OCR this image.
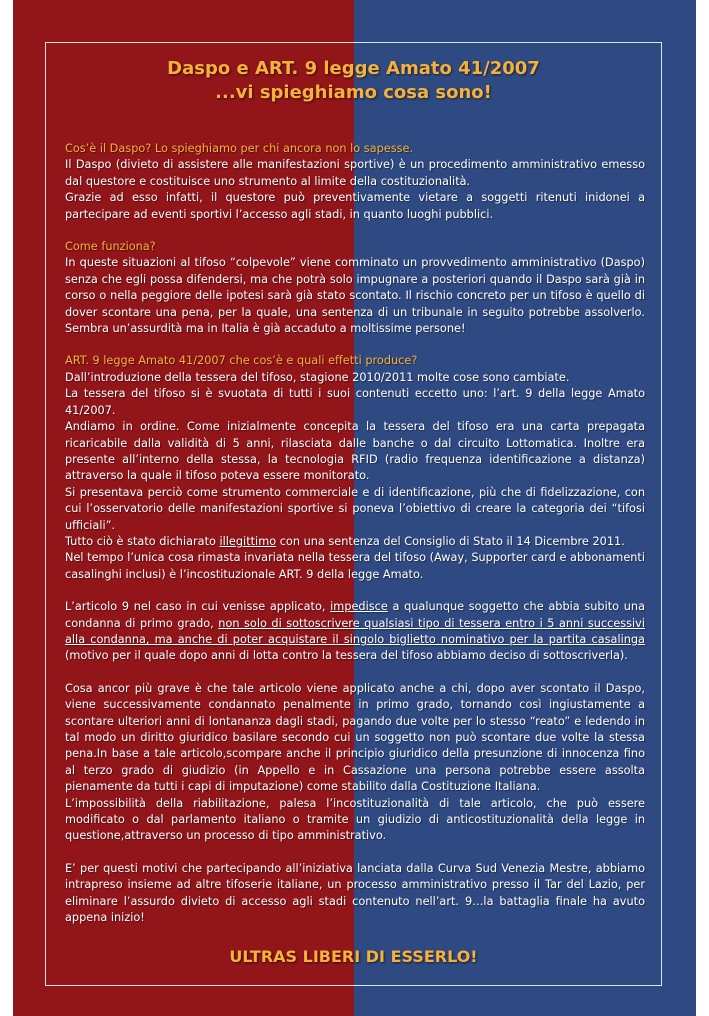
Daspo e ART. 9 legge Amato 41/2007
...vi spieghiamo cosa sono!

Cos’è il Daspo? Lo spieghiamo per chi ancora non lo sapesse.

Il Daspo (divieto di assistere alle manifestazioni sportive) è un procedimento amministrativo emesso dal questore e costituisce uno strumento al limite della costituzionalità.

Grazie ad esso infatti, il questore può preventivamente vietare a soggetti ritenuti inidonei a partecipare ad eventi sportivi l’accesso agli stadi, in quanto luoghi pubblici.

Come funziona?

In queste situazioni al tifoso “colpevole” viene comminato un provvedimento amministrativo (Daspo) senza che egli possa difendersi, ma che potrà solo impugnare a posteriori quando il Daspo sarà già in corso o nella peggiore delle ipotesi sarà già stato scontato. Il rischio concreto per un tifoso è quello di dover scontare una pena, per la quale, una sentenza di un tribunale in seguito potrebbe assolverlo. Sembra un’assurdità ma in Italia è già accaduto a moltissime persone!

ART. 9 legge Amato 41/2007 che cos’è e quali effetti produce?

Dall’introduzione della tessera del tifoso, stagione 2010/2011 molte cose sono cambiate.

La tessera del tifoso si è svuotata di tutti i suoi contenuti eccetto uno: l’art. 9 della legge Amato 41/2007.

Andiamo in ordine. Come inizialmente concepita la tessera del tifoso era una carta prepagata ricaricabile dalla validità di 5 anni, rilasciata dalle banche o dal circuito Lottomatica. Inoltre era presente all’interno della stessa, la tecnologia RFID (radio frequenza identificazione a distanza) attraverso la quale il tifoso poteva essere monitorato.

Si presentava perciò come strumento commerciale e di identificazione, più che di fidelizzazione, con cui l’osservatorio delle manifestazioni sportive si poneva l’obiettivo di creare la categoria dei “tifosi ufficiali”.

Tutto ciò è stato dichiarato illegittimo con una sentenza del Consiglio di Stato il 14 Dicembre 2011.

Nel tempo l’unica cosa rimasta invariata nella tessera del tifoso (Away, Supporter card e abbonamenti casalinghi inclusi) è l’incostituzionale ART. 9 della legge Amato.

L’articolo 9 nel caso in cui venisse applicato, impedisce a qualunque soggetto che abbia subito una condanna di primo grado, non solo di sottoscrivere qualsiasi tipo di tessera entro i 5 anni successivi alla condanna, ma anche di poter acquistare il singolo biglietto nominativo per la partita casalinga (motivo per il quale dopo anni di lotta contro la tessera del tifoso abbiamo deciso di sottoscriverla).

Cosa ancor più grave è che tale articolo viene applicato anche a chi, dopo aver scontato il Daspo, viene successivamente condannato penalmente in primo grado, tornando così ingiustamente a scontare ulteriori anni di lontananza dagli stadi, pagando due volte per lo stesso “reato” e ledendo in tal modo un diritto giuridico basilare secondo cui un soggetto non può scontare due volte la stessa pena.In base a tale articolo,scompare anche il principio giuridico della presunzione di innocenza fino al terzo grado di giudizio (in Appello e in Cassazione una persona potrebbe essere assolta pienamente da tutti i capi di imputazione) come stabilito dalla Costituzione Italiana.

L’impossibilità della riabilitazione, palesa l’incostituzionalità di tale articolo, che può essere modificato o dal parlamento italiano o tramite un giudizio di anticostituzionalità della legge in questione,attraverso un processo di tipo amministrativo.

E’ per questi motivi che partecipando all’iniziativa lanciata dalla Curva Sud Venezia Mestre, abbiamo intrapreso insieme ad altre tifoserie italiane, un processo amministrativo presso il Tar del Lazio, per eliminare l’assurdo divieto di accesso agli stadi contenuto nell’art. 9…la battaglia finale ha avuto appena inizio!

ULTRAS LIBERI DI ESSERLO!
